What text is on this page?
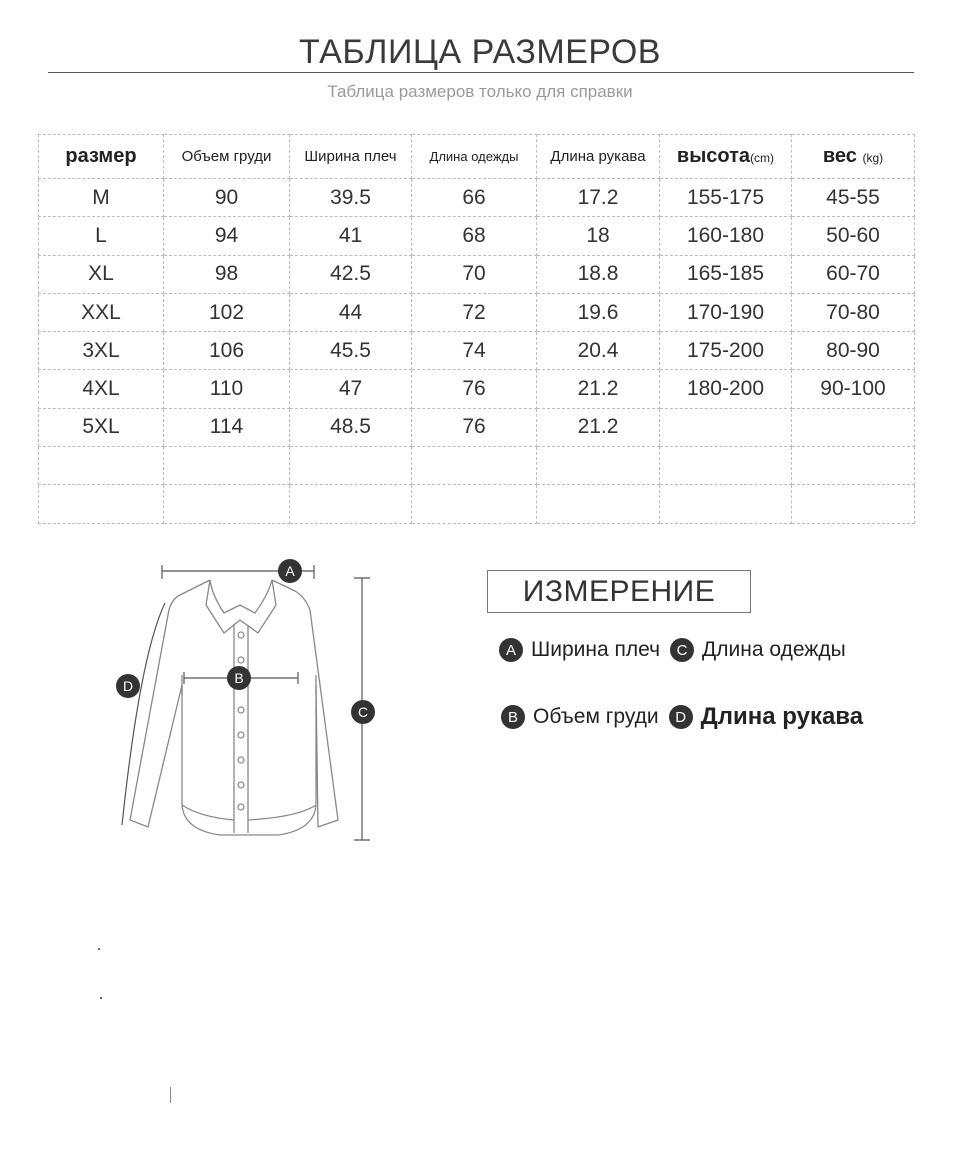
ТАБЛИЦА РАЗМЕРОВ
Таблица размеров только для справки
размер	Объем груди	Ширина плеч	Длина одежды	Длина рукава	высота(cm)	вес (kg)
M	90	39.5	66	17.2	155-175	45-55
L	94	41	68	18	160-180	50-60
XL	98	42.5	70	18.8	165-185	60-70
XXL	102	44	72	19.6	170-190	70-80
3XL	106	45.5	74	20.4	175-200	80-90
4XL	110	47	76	21.2	180-200	90-100
5XL	114	48.5	76	21.2		

A
B
C
D
ИЗМЕРЕНИЕ
A Ширина плеч	C Длина одежды
B Объем груди	D Длина рукава
